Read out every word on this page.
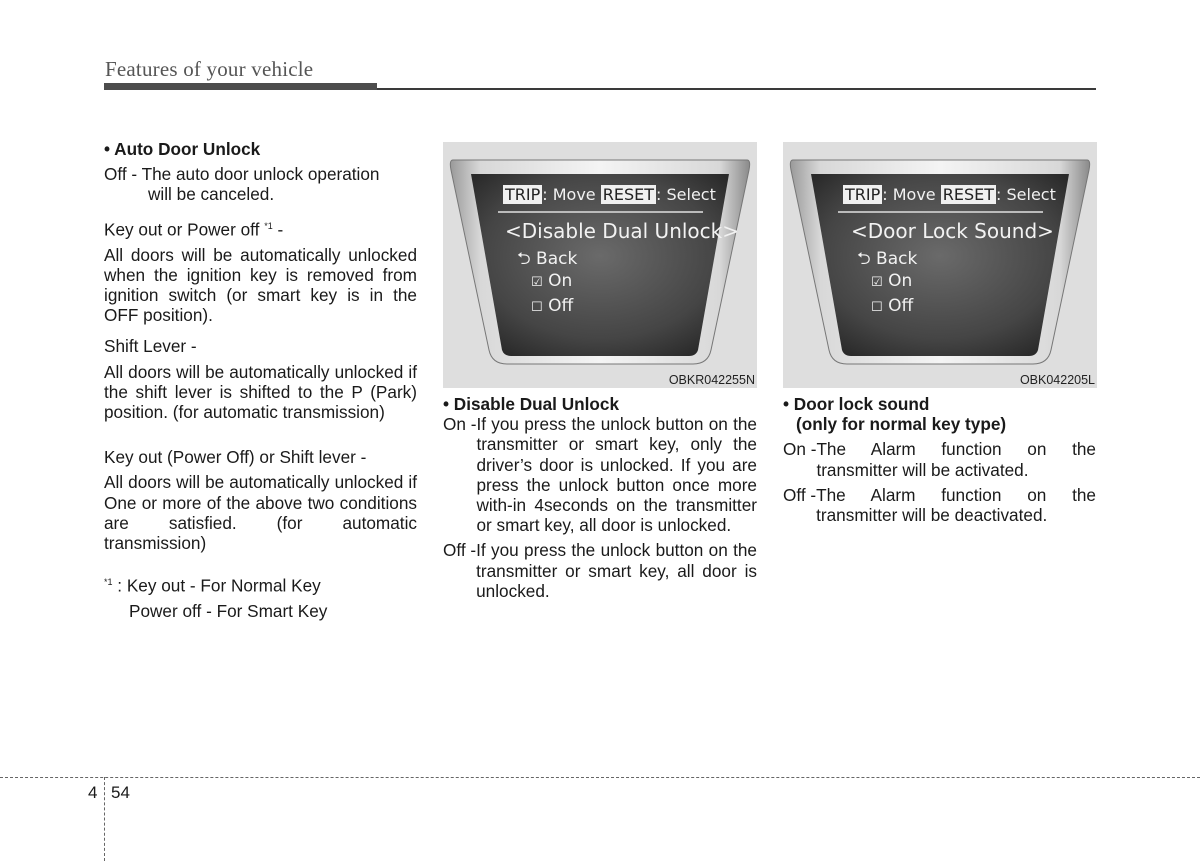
Features of your vehicle

• Auto Door Unlock

Off - The auto door unlock operation

will be canceled.

Key out or Power off $^{*1}$ -

All doors will be automatically unlocked when the ignition key is removed from ignition switch (or smart key is in the OFF position).

Shift Lever -

All doors will be automatically unlocked if the shift lever is shifted to the P (Park) position. (for automatic transmission)

Key out (Power Off) or Shift lever -

All doors will be automatically unlocked if One or more of the above two conditions are satisfied. (for automatic transmission)

$^{*1}$ : Key out - For Normal Key

Power off - For Smart Key

TRIP : Move RESET : Select
<Disable Dual Unlock>
⮌ Back
☑ On
☐ Off
OBKR042255N
TRIP : Move RESET : Select
<Door Lock Sound>
⮌ Back
☑ On
☐ Off
OBK042205L

• Disable Dual Unlock

On - If you press the unlock button on the transmitter or smart key, only the driver’s door is unlocked. If you are press the unlock button once more with-in 4seconds on the transmitter or smart key, all door is unlocked.
Off - If you press the unlock button on the transmitter or smart key, all door is unlocked.

• Door lock sound

(only for normal key type)

On - The Alarm function on the transmitter will be activated.
Off - The Alarm function on the transmitter will be deactivated.
4 54
